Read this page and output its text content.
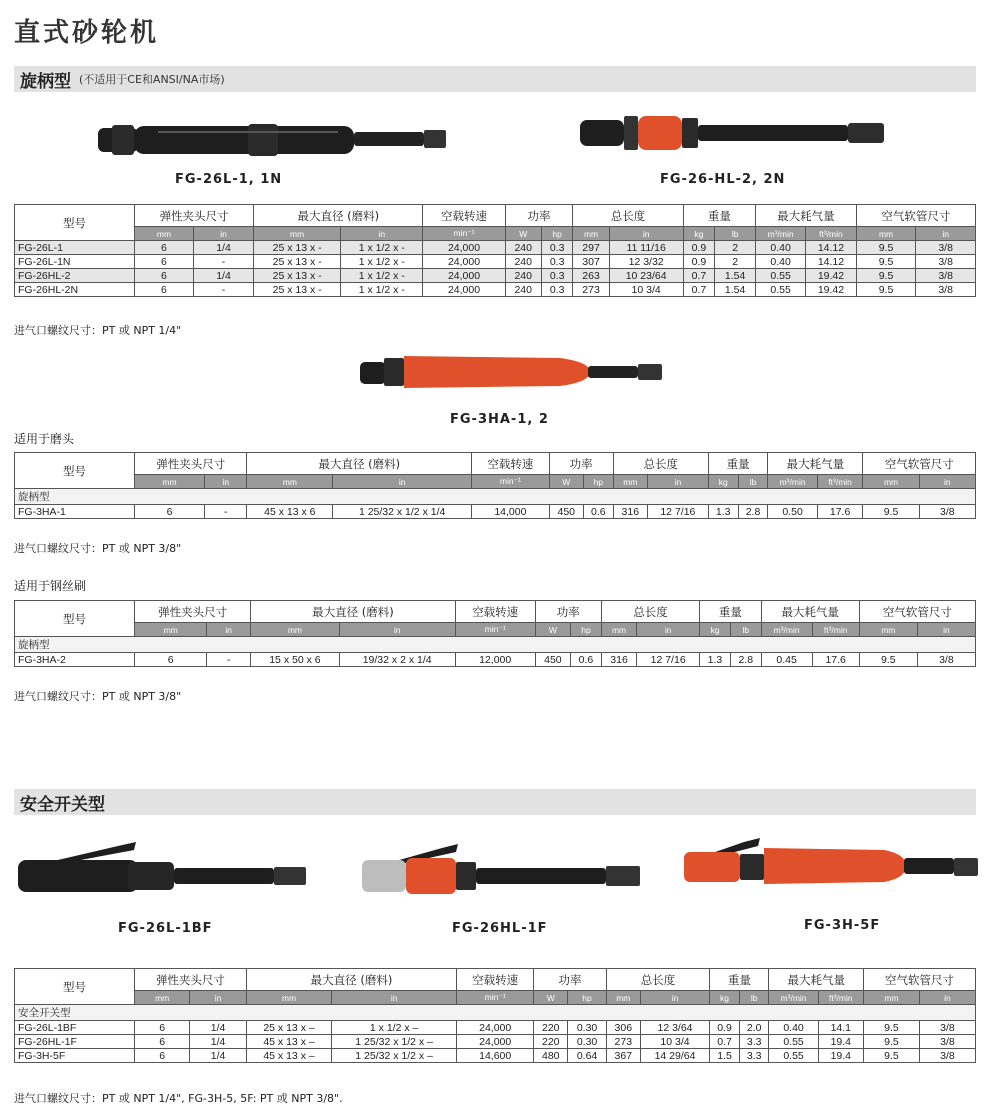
直式砂轮机
旋柄型 (不适用于CE和ANSI/NA市场)
FG-26L-1, 1N	FG-26-HL-2, 2N
型号	弹性夹头尺寸		最大直径 (磨料)		空载转速	功率		总长度		重量		最大耗气量		空气软管尺寸	
	mm	in	mm	in	min⁻¹	W	hp	mm	in	kg	lb	m³/min	ft³/min	mm	in
FG-26L-1	6	1/4	25 x 13 x -	1 x 1/2 x -	24,000	240	0.3	297	11 11/16	0.9	2	0.40	14.12	9.5	3/8
FG-26L-1N	6	-	25 x 13 x -	1 x 1/2 x -	24,000	240	0.3	307	12 3/32	0.9	2	0.40	14.12	9.5	3/8
FG-26HL-2	6	1/4	25 x 13 x -	1 x 1/2 x -	24,000	240	0.3	263	10 23/64	0.7	1.54	0.55	19.42	9.5	3/8
FG-26HL-2N	6	-	25 x 13 x -	1 x 1/2 x -	24,000	240	0.3	273	10 3/4	0.7	1.54	0.55	19.42	9.5	3/8
进气口螺纹尺寸：PT 或 NPT 1/4"
FG-3HA-1, 2
适用于磨头
型号	弹性夹头尺寸		最大直径 (磨料)		空载转速	功率		总长度		重量		最大耗气量		空气软管尺寸	
	mm	in	mm	in	min⁻¹	W	hp	mm	in	kg	lb	m³/min	ft³/min	mm	in
旋柄型															
FG-3HA-1	6	-	45 x 13 x 6	1 25/32 x 1/2 x 1/4	14,000	450	0.6	316	12 7/16	1.3	2.8	0.50	17.6	9.5	3/8
进气口螺纹尺寸：PT 或 NPT 3/8"
适用于钢丝刷
型号	弹性夹头尺寸		最大直径 (磨料)		空载转速	功率		总长度		重量		最大耗气量		空气软管尺寸	
	mm	in	mm	in	min⁻¹	W	hp	mm	in	kg	lb	m³/min	ft³/min	mm	in
旋柄型															
FG-3HA-2	6	-	15 x 50 x 6	19/32 x 2 x 1/4	12,000	450	0.6	316	12 7/16	1.3	2.8	0.45	17.6	9.5	3/8
进气口螺纹尺寸：PT 或 NPT 3/8"
安全开关型
FG-26L-1BF	FG-26HL-1F	FG-3H-5F
型号	弹性夹头尺寸		最大直径 (磨料)		空载转速	功率		总长度		重量		最大耗气量		空气软管尺寸	
	mm	in	mm	in	min⁻¹	W	hp	mm	in	kg	lb	m³/min	ft³/min	mm	in
安全开关型															
FG-26L-1BF	6	1/4	25 x 13 x –	1 x 1/2 x –	24,000	220	0.30	306	12 3/64	0.9	2.0	0.40	14.1	9.5	3/8
FG-26HL-1F	6	1/4	45 x 13 x –	1 25/32 x 1/2 x –	24,000	220	0.30	273	10 3/4	0.7	3.3	0.55	19.4	9.5	3/8
FG-3H-5F	6	1/4	45 x 13 x –	1 25/32 x 1/2 x –	14,600	480	0.64	367	14 29/64	1.5	3.3	0.55	19.4	9.5	3/8
进气口螺纹尺寸：PT 或 NPT 1/4", FG-3H-5, 5F: PT 或 NPT 3/8".
